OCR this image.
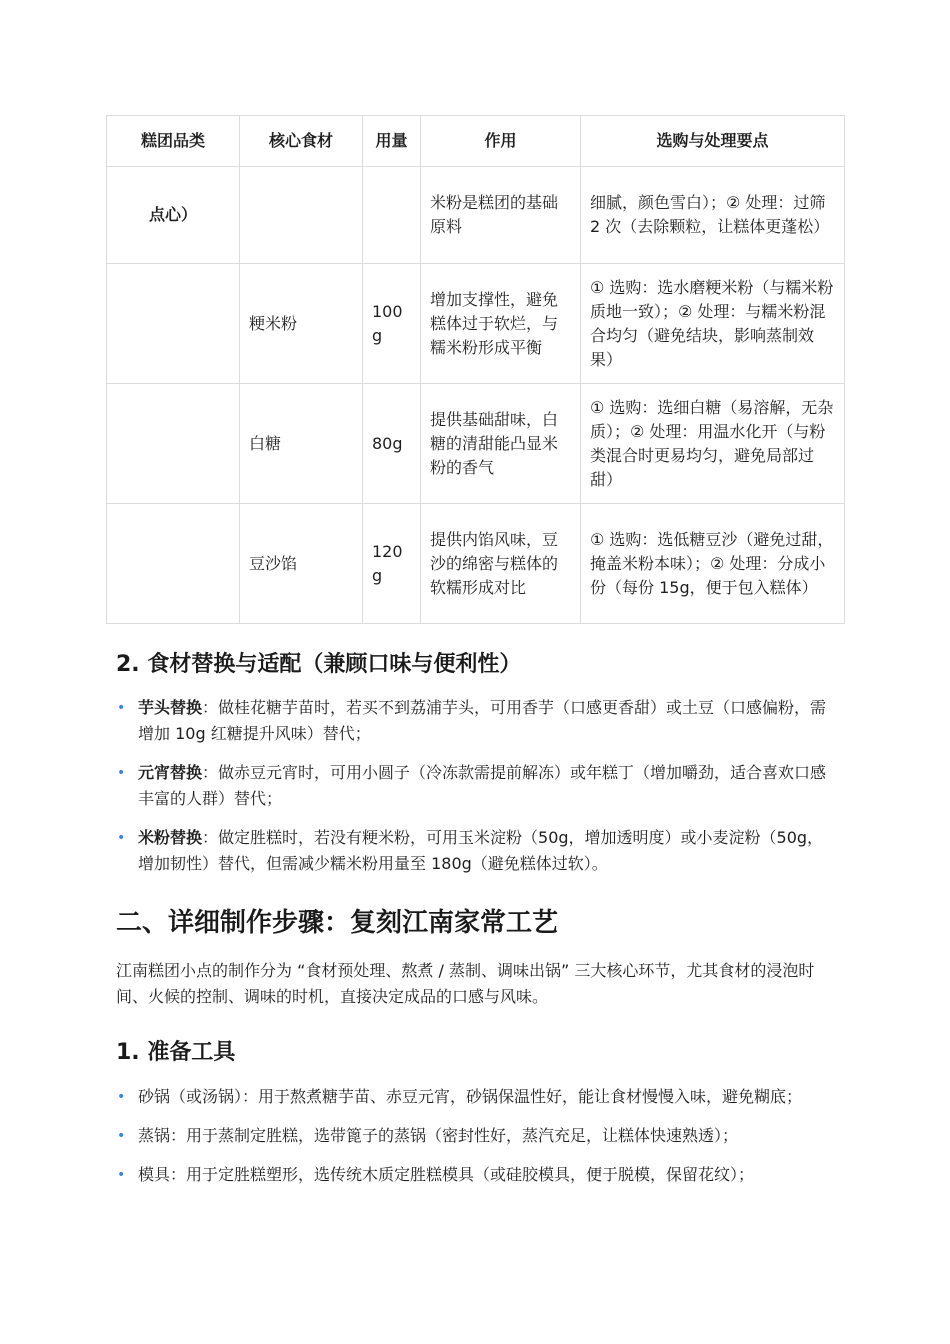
糕团品类	核心食材	用量	作用	选购与处理要点
点心）			米粉是糕团的基础原料	细腻，颜色雪白）；② 处理：过筛 2 次（去除颗粒，让糕体更蓬松）
	粳米粉	100g	增加支撑性，避免糕体过于软烂，与糯米粉形成平衡	① 选购：选水磨粳米粉（与糯米粉质地一致）；② 处理：与糯米粉混合均匀（避免结块，影响蒸制效果）
	白糖	80g	提供基础甜味，白糖的清甜能凸显米粉的香气	① 选购：选细白糖（易溶解，无杂质）；② 处理：用温水化开（与粉类混合时更易均匀，避免局部过甜）
	豆沙馅	120g	提供内馅风味，豆沙的绵密与糕体的软糯形成对比	① 选购：选低糖豆沙（避免过甜，掩盖米粉本味）；② 处理：分成小份（每份 15g，便于包入糕体）
2. 食材替换与适配（兼顾口味与便利性）
• 芋头替换：做桂花糖芋苗时，若买不到荔浦芋头，可用香芋（口感更香甜）或土豆（口感偏粉，需增加 10g 红糖提升风味）替代；
• 元宵替换：做赤豆元宵时，可用小圆子（冷冻款需提前解冻）或年糕丁（增加嚼劲，适合喜欢口感丰富的人群）替代；
• 米粉替换：做定胜糕时，若没有粳米粉，可用玉米淀粉（50g，增加透明度）或小麦淀粉（50g，增加韧性）替代，但需减少糯米粉用量至 180g（避免糕体过软）。
二、详细制作步骤：复刻江南家常工艺

江南糕团小点的制作分为 “食材预处理、熬煮 / 蒸制、调味出锅” 三大核心环节，尤其食材的浸泡时间、火候的控制、调味的时机，直接决定成品的口感与风味。

1. 准备工具
• 砂锅（或汤锅）：用于熬煮糖芋苗、赤豆元宵，砂锅保温性好，能让食材慢慢入味，避免糊底；
• 蒸锅：用于蒸制定胜糕，选带篦子的蒸锅（密封性好，蒸汽充足，让糕体快速熟透）；
• 模具：用于定胜糕塑形，选传统木质定胜糕模具（或硅胶模具，便于脱模，保留花纹）；
